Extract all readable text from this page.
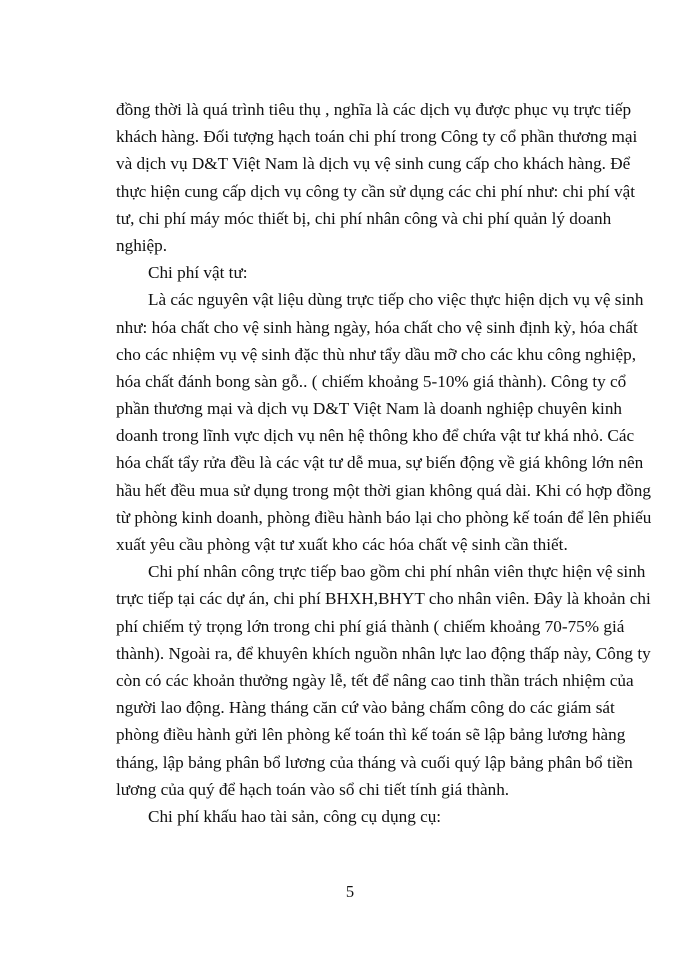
đồng thời là quá trình tiêu thụ , nghĩa là các dịch vụ được phục vụ trực tiếp
khách hàng. Đối tượng hạch toán chi phí trong Công ty cổ phần thương mại
và dịch vụ D&T Việt Nam là dịch vụ vệ sinh cung cấp cho khách hàng. Để
thực hiện cung cấp dịch vụ công ty cần sử dụng các chi phí như: chi phí vật
tư, chi phí máy móc thiết bị, chi phí nhân công và chi phí quản lý doanh
nghiệp.
Chi phí vật tư:
Là các nguyên vật liệu dùng trực tiếp cho việc thực hiện dịch vụ vệ sinh
như: hóa chất cho vệ sinh hàng ngày, hóa chất cho vệ sinh định kỳ, hóa chất
cho các nhiệm vụ vệ sinh đặc thù như tẩy dầu mỡ cho các khu công nghiệp,
hóa chất đánh bong sàn gỗ.. ( chiếm khoảng 5-10% giá thành). Công ty cổ
phần thương mại và dịch vụ D&T Việt Nam là doanh nghiệp chuyên kinh
doanh trong lĩnh vực dịch vụ nên hệ thông kho để chứa vật tư khá nhỏ. Các
hóa chất tẩy rửa đều là các vật tư dễ mua, sự biến động về giá không lớn nên
hầu hết đều mua sử dụng trong một thời gian không quá dài. Khi có hợp đồng
từ phòng kinh doanh, phòng điều hành báo lại cho phòng kế toán để lên phiếu
xuất yêu cầu phòng vật tư xuất kho các hóa chất vệ sinh cần thiết.
Chi phí nhân công trực tiếp bao gồm chi phí nhân viên thực hiện vệ sinh
trực tiếp tại các dự án, chi phí BHXH,BHYT cho nhân viên. Đây là khoản chi
phí chiếm tỷ trọng lớn trong chi phí giá thành ( chiếm khoảng 70-75% giá
thành). Ngoài ra, để khuyên khích nguồn nhân lực lao động thấp này, Công ty
còn có các khoản thưởng ngày lễ, tết để nâng cao tinh thần trách nhiệm của
người lao động. Hàng tháng căn cứ vào bảng chấm công do các giám sát
phòng điều hành gửi lên phòng kế toán thì kế toán sẽ lập bảng lương hàng
tháng, lập bảng phân bổ lương của tháng và cuối quý lập bảng phân bổ tiền
lương của quý để hạch toán vào sổ chi tiết tính giá thành.
Chi phí khấu hao tài sản, công cụ dụng cụ:
5
